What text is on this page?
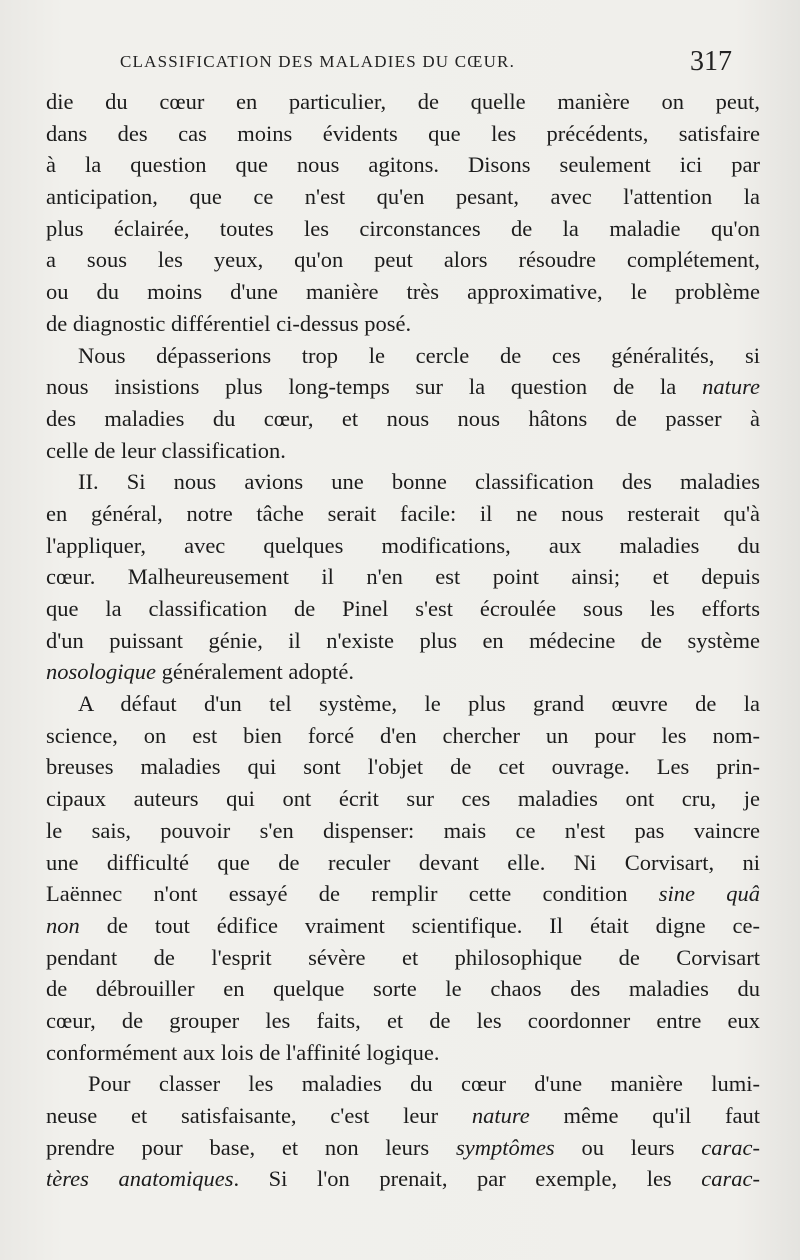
CLASSIFICATION DES MALADIES DU CŒUR.	317
die du cœur en particulier, de quelle manière on peut,
dans des cas moins évidents que les précédents, satisfaire
à la question que nous agitons. Disons seulement ici par
anticipation, que ce n'est qu'en pesant, avec l'attention la
plus éclairée, toutes les circonstances de la maladie qu'on
a sous les yeux, qu'on peut alors résoudre complétement,
ou du moins d'une manière très approximative, le problème
de diagnostic différentiel ci-dessus posé.
Nous dépasserions trop le cercle de ces généralités, si
nous insistions plus long-temps sur la question de la nature
des maladies du cœur, et nous nous hâtons de passer à
celle de leur classification.
II. Si nous avions une bonne classification des maladies
en général, notre tâche serait facile: il ne nous resterait qu'à
l'appliquer, avec quelques modifications, aux maladies du
cœur. Malheureusement il n'en est point ainsi; et depuis
que la classification de Pinel s'est écroulée sous les efforts
d'un puissant génie, il n'existe plus en médecine de système
nosologique généralement adopté.
A défaut d'un tel système, le plus grand œuvre de la
science, on est bien forcé d'en chercher un pour les nom-
breuses maladies qui sont l'objet de cet ouvrage. Les prin-
cipaux auteurs qui ont écrit sur ces maladies ont cru, je
le sais, pouvoir s'en dispenser: mais ce n'est pas vaincre
une difficulté que de reculer devant elle. Ni Corvisart, ni
Laënnec n'ont essayé de remplir cette condition sine quâ
non de tout édifice vraiment scientifique. Il était digne ce-
pendant de l'esprit sévère et philosophique de Corvisart
de débrouiller en quelque sorte le chaos des maladies du
cœur, de grouper les faits, et de les coordonner entre eux
conformément aux lois de l'affinité logique.
Pour classer les maladies du cœur d'une manière lumi-
neuse et satisfaisante, c'est leur nature même qu'il faut
prendre pour base, et non leurs symptômes ou leurs carac-
tères anatomiques. Si l'on prenait, par exemple, les carac-
